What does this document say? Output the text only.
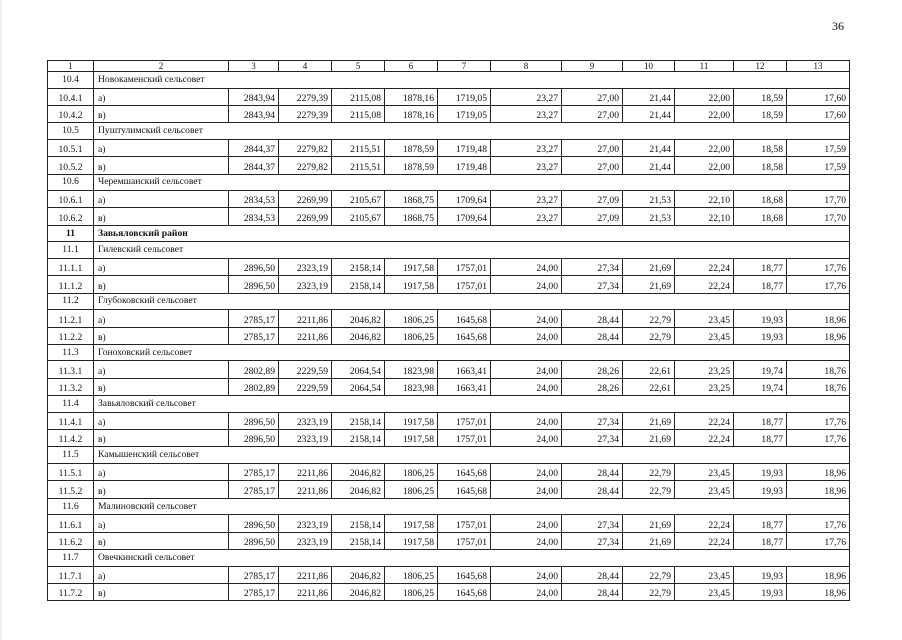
36
1	2	3	4	5	6	7	8	9	10	11	12	13
10.4	Новокаменский сельсовет											
10.4.1	а)	2843,94	2279,39	2115,08	1878,16	1719,05	23,27	27,00	21,44	22,00	18,59	17,60
10.4.2	в)	2843,94	2279,39	2115,08	1878,16	1719,05	23,27	27,00	21,44	22,00	18,59	17,60
10.5	Пуштулимский сельсовет											
10.5.1	а)	2844,37	2279,82	2115,51	1878,59	1719,48	23,27	27,00	21,44	22,00	18,58	17,59
10.5.2	в)	2844,37	2279,82	2115,51	1878,59	1719,48	23,27	27,00	21,44	22,00	18,58	17,59
10.6	Черемшанский сельсовет											
10.6.1	а)	2834,53	2269,99	2105,67	1868,75	1709,64	23,27	27,09	21,53	22,10	18,68	17,70
10.6.2	в)	2834,53	2269,99	2105,67	1868,75	1709,64	23,27	27,09	21,53	22,10	18,68	17,70
11	Завьяловский район											
11.1	Гилевский сельсовет											
11.1.1	а)	2896,50	2323,19	2158,14	1917,58	1757,01	24,00	27,34	21,69	22,24	18,77	17,76
11.1.2	в)	2896,50	2323,19	2158,14	1917,58	1757,01	24,00	27,34	21,69	22,24	18,77	17,76
11.2	Глубоковский сельсовет											
11.2.1	а)	2785,17	2211,86	2046,82	1806,25	1645,68	24,00	28,44	22,79	23,45	19,93	18,96
11.2.2	в)	2785,17	2211,86	2046,82	1806,25	1645,68	24,00	28,44	22,79	23,45	19,93	18,96
11.3	Гоноховский сельсовет											
11.3.1	а)	2802,89	2229,59	2064,54	1823,98	1663,41	24,00	28,26	22,61	23,25	19,74	18,76
11.3.2	в)	2802,89	2229,59	2064,54	1823,98	1663,41	24,00	28,26	22,61	23,25	19,74	18,76
11.4	Завьяловский сельсовет											
11.4.1	а)	2896,50	2323,19	2158,14	1917,58	1757,01	24,00	27,34	21,69	22,24	18,77	17,76
11.4.2	в)	2896,50	2323,19	2158,14	1917,58	1757,01	24,00	27,34	21,69	22,24	18,77	17,76
11.5	Камышенский сельсовет											
11.5.1	а)	2785,17	2211,86	2046,82	1806,25	1645,68	24,00	28,44	22,79	23,45	19,93	18,96
11.5.2	в)	2785,17	2211,86	2046,82	1806,25	1645,68	24,00	28,44	22,79	23,45	19,93	18,96
11.6	Малиновский сельсовет											
11.6.1	а)	2896,50	2323,19	2158,14	1917,58	1757,01	24,00	27,34	21,69	22,24	18,77	17,76
11.6.2	в)	2896,50	2323,19	2158,14	1917,58	1757,01	24,00	27,34	21,69	22,24	18,77	17,76
11.7	Овечкинский сельсовет											
11.7.1	а)	2785,17	2211,86	2046,82	1806,25	1645,68	24,00	28,44	22,79	23,45	19,93	18,96
11.7.2	в)	2785,17	2211,86	2046,82	1806,25	1645,68	24,00	28,44	22,79	23,45	19,93	18,96
